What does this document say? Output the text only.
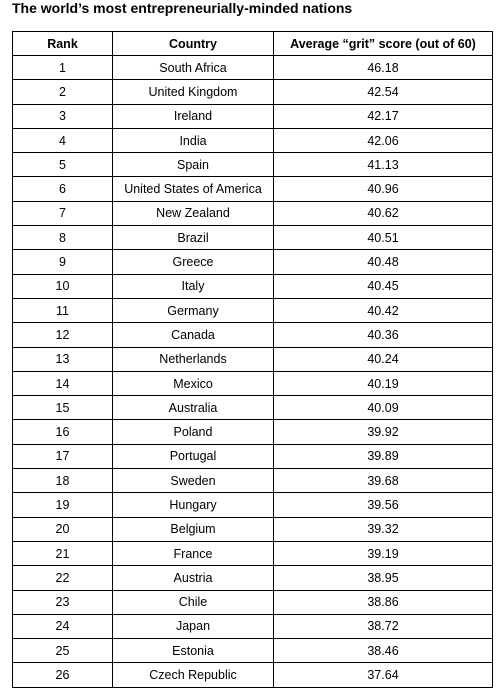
The world’s most entrepreneurially-minded nations
Rank	Country	Average “grit” score (out of 60)
1	South Africa	46.18
2	United Kingdom	42.54
3	Ireland	42.17
4	India	42.06
5	Spain	41.13
6	United States of America	40.96
7	New Zealand	40.62
8	Brazil	40.51
9	Greece	40.48
10	Italy	40.45
11	Germany	40.42
12	Canada	40.36
13	Netherlands	40.24
14	Mexico	40.19
15	Australia	40.09
16	Poland	39.92
17	Portugal	39.89
18	Sweden	39.68
19	Hungary	39.56
20	Belgium	39.32
21	France	39.19
22	Austria	38.95
23	Chile	38.86
24	Japan	38.72
25	Estonia	38.46
26	Czech Republic	37.64
